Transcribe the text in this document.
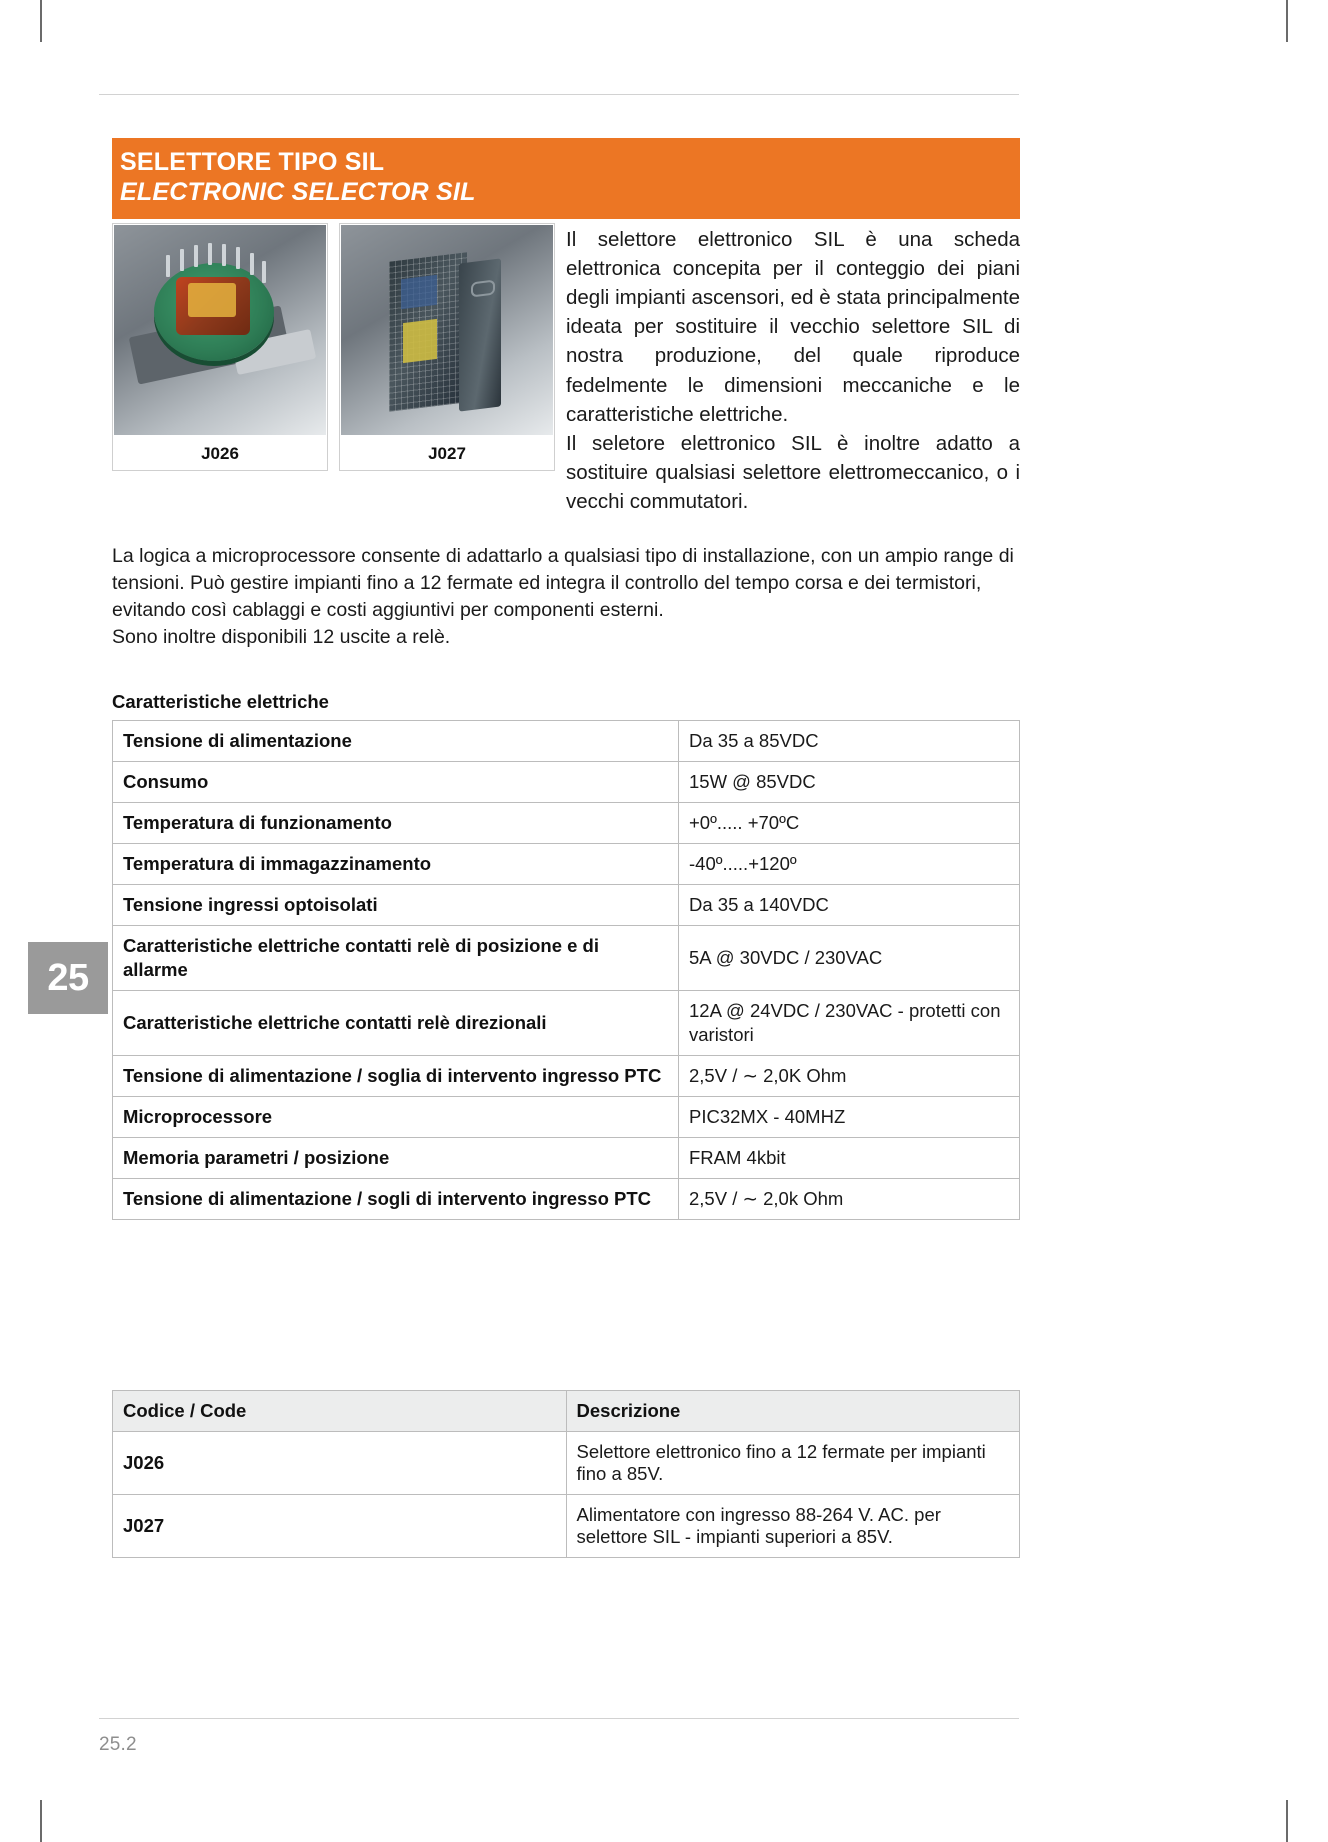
25
25.2
SELETTORE TIPO SIL
ELECTRONIC SELECTOR SIL
J026	J027

Il selettore elettronico SIL è una scheda elettronica concepita per il conteggio dei piani degli impianti ascensori, ed è stata principalmente ideata per sostituire il vecchio selettore SIL di nostra produzione, del quale riproduce fedelmente le dimensioni meccaniche e le caratteristiche elettriche.

Il seletore elettronico SIL è inoltre adatto a sostituire qualsiasi selettore elettromeccanico, o i vecchi commutatori.

La logica a microprocessore consente di adattarlo a qualsiasi tipo di installazione, con un ampio range di tensioni. Può gestire impianti fino a 12 fermate ed integra il controllo del tempo corsa e dei termistori, evitando così cablaggi e costi aggiuntivi per componenti esterni.

Sono inoltre disponibili 12 uscite a relè.

Caratteristiche elettriche
Tensione di alimentazione	Da 35 a 85VDC
Consumo	15W @ 85VDC
Temperatura di funzionamento	+0º..... +70ºC
Temperatura di immagazzinamento	-40º.....+120º
Tensione ingressi optoisolati	Da 35 a 140VDC
Caratteristiche elettriche contatti relè di posizione e di allarme	5A @ 30VDC / 230VAC
Caratteristiche elettriche contatti relè direzionali	12A @ 24VDC / 230VAC - protetti con varistori
Tensione di alimentazione / soglia di intervento ingresso PTC	2,5V / ∼ 2,0K Ohm
Microprocessore	PIC32MX - 40MHZ
Memoria parametri / posizione	FRAM 4kbit
Tensione di alimentazione / sogli di intervento ingresso PTC	2,5V / ∼ 2,0k Ohm
Codice / Code	Descrizione
J026	Selettore elettronico fino a 12 fermate per impianti fino a 85V.
J027	Alimentatore con ingresso 88-264 V. AC. per selettore SIL - impianti superiori a 85V.
